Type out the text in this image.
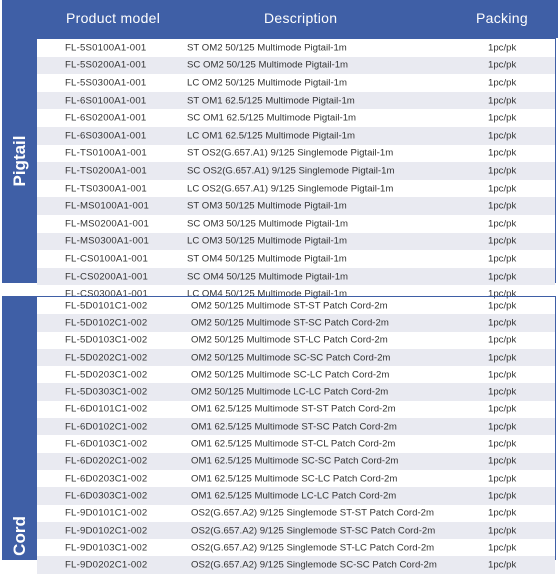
Product model	Description	Packing
Pigtail
FL-5S0100A1-001	ST OM2 50/125 Multimode Pigtail-1m	1pc/pk
FL-5S0200A1-001	SC OM2 50/125 Multimode Pigtail-1m	1pc/pk
FL-5S0300A1-001	LC OM2 50/125 Multimode Pigtail-1m	1pc/pk
FL-6S0100A1-001	ST OM1 62.5/125 Multimode Pigtail-1m	1pc/pk
FL-6S0200A1-001	SC OM1 62.5/125 Multimode Pigtail-1m	1pc/pk
FL-6S0300A1-001	LC OM1 62.5/125 Multimode Pigtail-1m	1pc/pk
FL-TS0100A1-001	ST OS2(G.657.A1) 9/125 Singlemode Pigtail-1m	1pc/pk
FL-TS0200A1-001	SC OS2(G.657.A1) 9/125 Singlemode Pigtail-1m	1pc/pk
FL-TS0300A1-001	LC OS2(G.657.A1) 9/125 Singlemode Pigtail-1m	1pc/pk
FL-MS0100A1-001	ST OM3 50/125 Multimode Pigtail-1m	1pc/pk
FL-MS0200A1-001	SC OM3 50/125 Multimode Pigtail-1m	1pc/pk
FL-MS0300A1-001	LC OM3 50/125 Multimode Pigtail-1m	1pc/pk
FL-CS0100A1-001	ST OM4 50/125 Multimode Pigtail-1m	1pc/pk
FL-CS0200A1-001	SC OM4 50/125 Multimode Pigtail-1m	1pc/pk
FL-CS0300A1-001	LC OM4 50/125 Multimode Pigtail-1m	1pc/pk
Cord
FL-5D0101C1-002	OM2 50/125 Multimode ST-ST Patch Cord-2m	1pc/pk
FL-5D0102C1-002	OM2 50/125 Multimode ST-SC Patch Cord-2m	1pc/pk
FL-5D0103C1-002	OM2 50/125 Multimode ST-LC Patch Cord-2m	1pc/pk
FL-5D0202C1-002	OM2 50/125 Multimode SC-SC Patch Cord-2m	1pc/pk
FL-5D0203C1-002	OM2 50/125 Multimode SC-LC Patch Cord-2m	1pc/pk
FL-5D0303C1-002	OM2 50/125 Multimode LC-LC Patch Cord-2m	1pc/pk
FL-6D0101C1-002	OM1 62.5/125 Multimode ST-ST Patch Cord-2m	1pc/pk
FL-6D0102C1-002	OM1 62.5/125 Multimode ST-SC Patch Cord-2m	1pc/pk
FL-6D0103C1-002	OM1 62.5/125 Multimode ST-CL Patch Cord-2m	1pc/pk
FL-6D0202C1-002	OM1 62.5/125 Multimode SC-SC Patch Cord-2m	1pc/pk
FL-6D0203C1-002	OM1 62.5/125 Multimode SC-LC Patch Cord-2m	1pc/pk
FL-6D0303C1-002	OM1 62.5/125 Multimode LC-LC Patch Cord-2m	1pc/pk
FL-9D0101C1-002	OS2(G.657.A2) 9/125 Singlemode ST-ST Patch Cord-2m	1pc/pk
FL-9D0102C1-002	OS2(G.657.A2) 9/125 Singlemode ST-SC Patch Cord-2m	1pc/pk
FL-9D0103C1-002	OS2(G.657.A2) 9/125 Singlemode ST-LC Patch Cord-2m	1pc/pk
FL-9D0202C1-002	OS2(G.657.A2) 9/125 Singlemode SC-SC Patch Cord-2m	1pc/pk
